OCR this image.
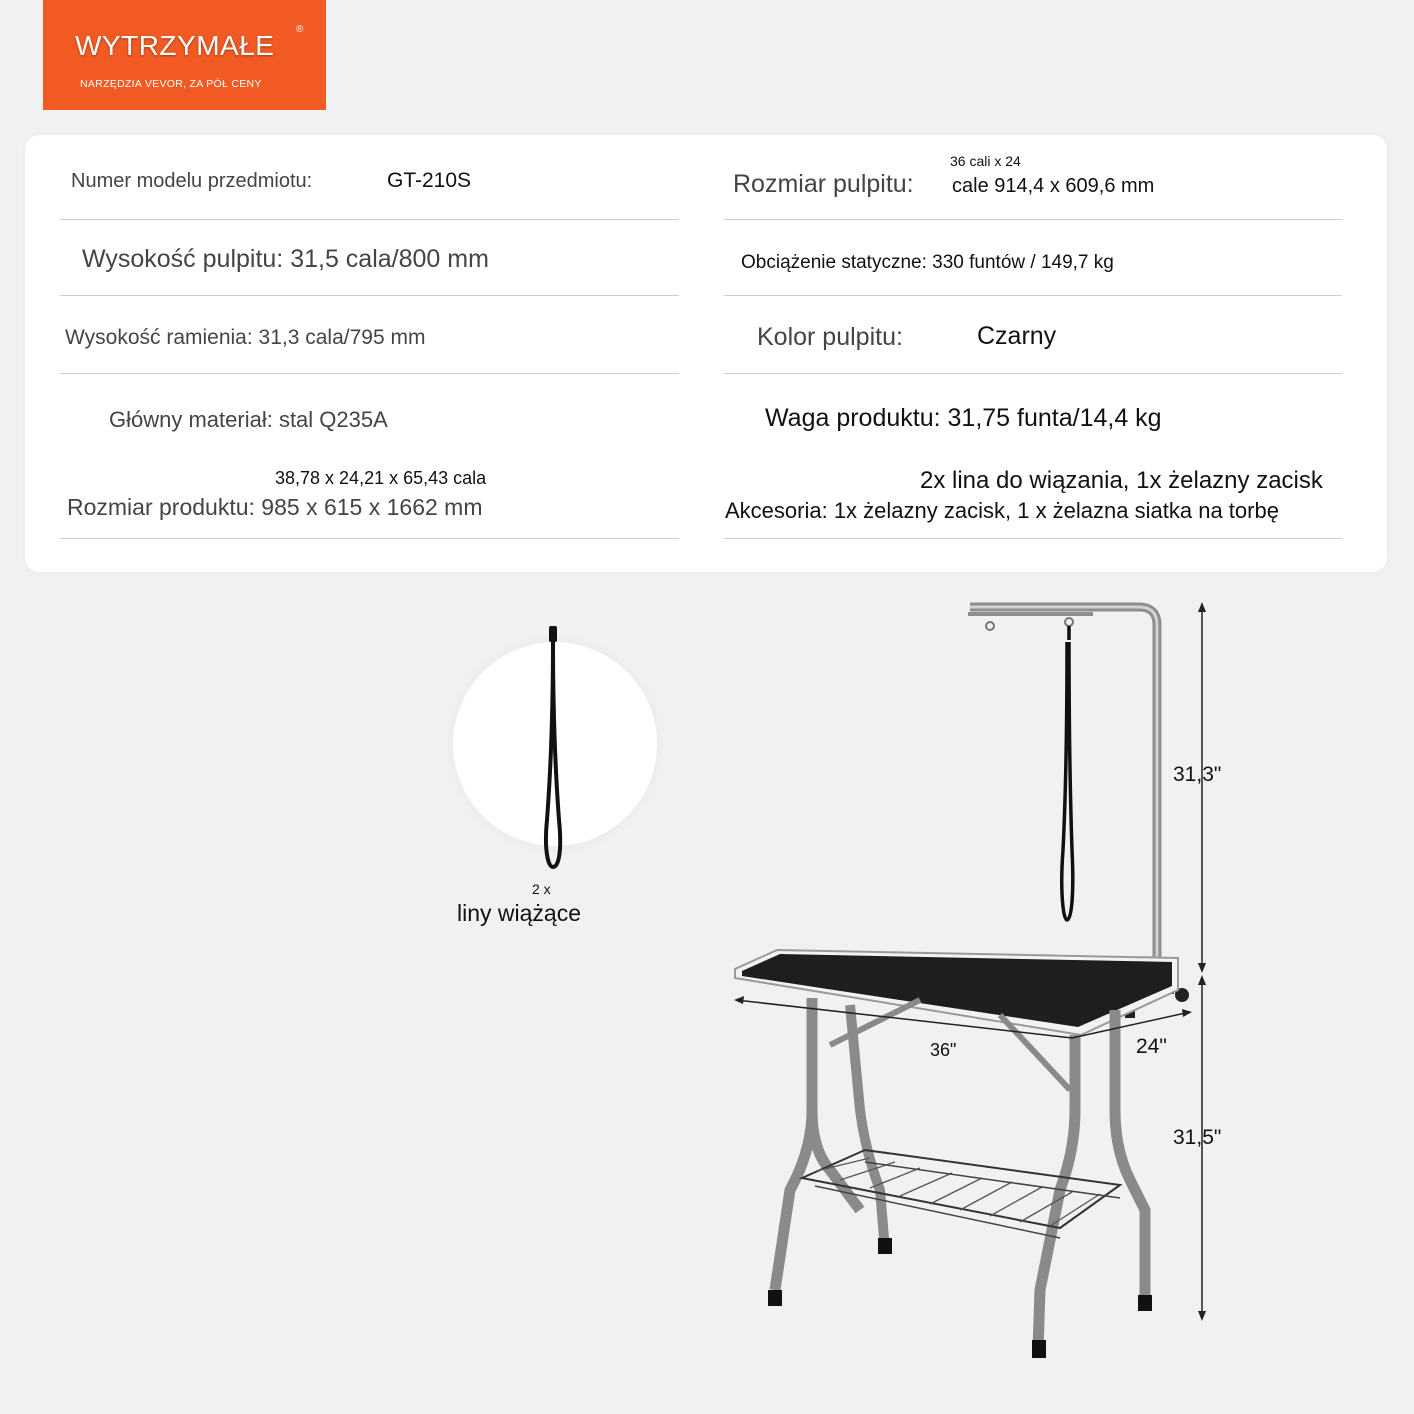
WYTRZYMAŁE
®
NARZĘDZIA VEVOR, ZA PÓŁ CENY
Numer modelu przedmiotu:	GT-210S
Wysokość pulpitu: 31,5 cala/800 mm
Wysokość ramienia: 31,3 cala/795 mm
Główny materiał: stal Q235A
38,78 x 24,21 x 65,43 cala
Rozmiar produktu: 985 x 615 x 1662 mm
36 cali x 24
Rozmiar pulpitu: cale 914,4 x 609,6 mm
Obciążenie statyczne: 330 funtów / 149,7 kg
Kolor pulpitu:	Czarny
Waga produktu: 31,75 funta/14,4 kg
2x lina do wiązania, 1x żelazny zacisk
Akcesoria: 1x żelazny zacisk, 1 x żelazna siatka na torbę
2 x
liny wiążące
31,3"
31,5"
36"	24"
